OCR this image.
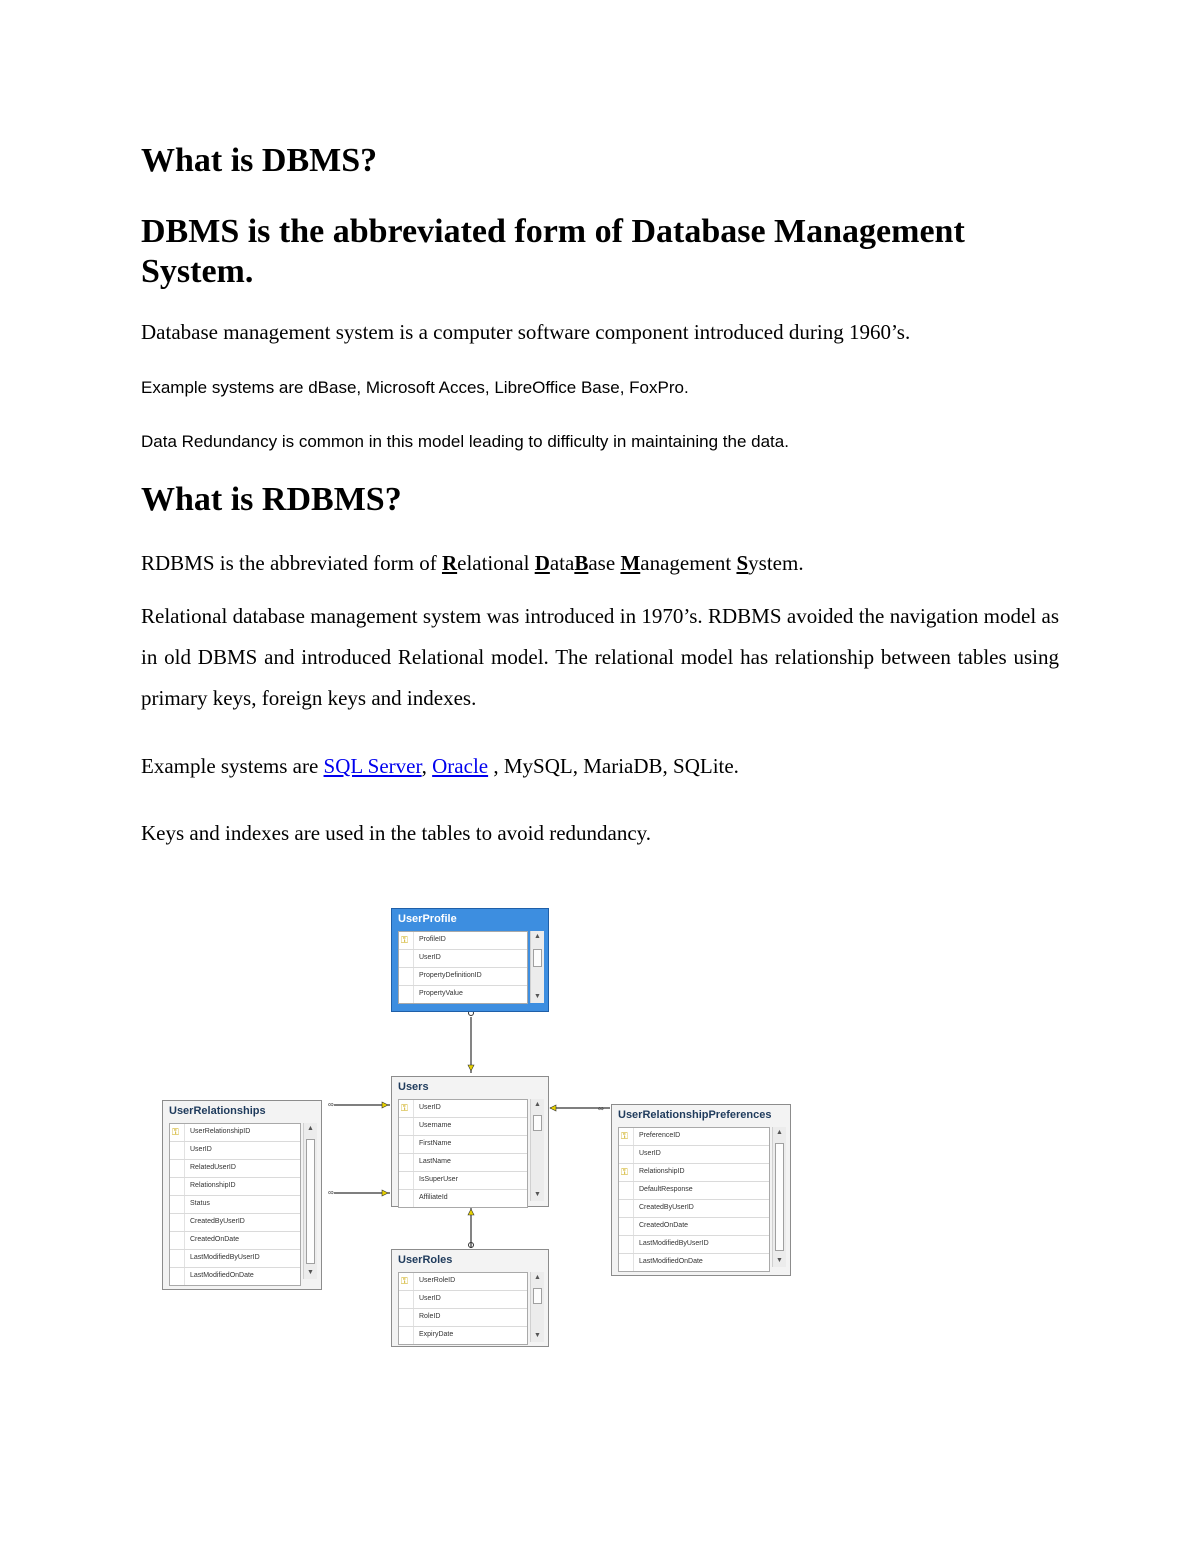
What is DBMS?
DBMS is the abbreviated form of Database Management System.

Database management system is a computer software component introduced during 1960’s.

Example systems are dBase, Microsoft Acces, LibreOffice Base, FoxPro.

Data Redundancy is common in this model leading to difficulty in maintaining the data.

What is RDBMS?

RDBMS is the abbreviated form of Relational DataBase Management System.

Relational database management system was introduced in 1970’s. RDBMS avoided the navigation model as in old DBMS and introduced Relational model. The relational model has relationship between tables using primary keys, foreign keys and indexes.

Example systems are SQL Server, Oracle , MySQL, MariaDB, SQLite.

Keys and indexes are used in the tables to avoid redundancy.

∞
∞
∞
UserProfile
⚿ ProfileID
UserID
PropertyDefinitionID
PropertyValue
▲
▼
Users
⚿ UserID
Username
FirstName
LastName
IsSuperUser
AffiliateId
▲
▼
UserRelationships
⚿ UserRelationshipID
UserID
RelatedUserID
RelationshipID
Status
CreatedByUserID
CreatedOnDate
LastModifiedByUserID
LastModifiedOnDate
▲
▼
UserRelationshipPreferences
⚿ PreferenceID
UserID
⚿ RelationshipID
DefaultResponse
CreatedByUserID
CreatedOnDate
LastModifiedByUserID
LastModifiedOnDate
▲
▼
UserRoles
⚿ UserRoleID
UserID
RoleID
ExpiryDate
▲
▼
